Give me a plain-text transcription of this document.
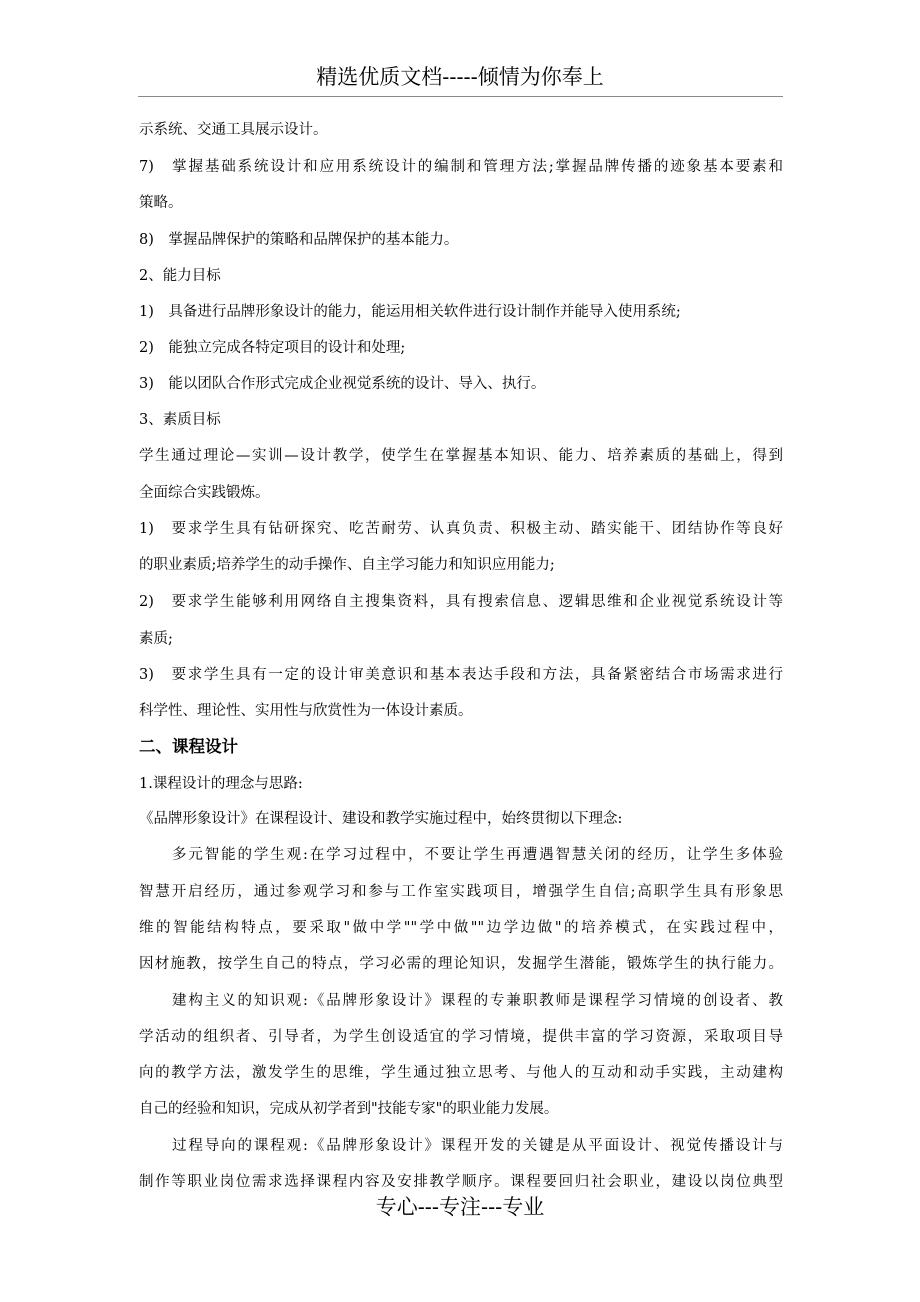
精选优质文档-----倾情为你奉上
示系统、交通工具展示设计。
7)　掌握基础系统设计和应用系统设计的编制和管理方法;掌握品牌传播的迹象基本要素和
策略。
8)　掌握品牌保护的策略和品牌保护的基本能力。
2、能力目标
1)　具备进行品牌形象设计的能力，能运用相关软件进行设计制作并能导入使用系统;
2)　能独立完成各特定项目的设计和处理;
3)　能以团队合作形式完成企业视觉系统的设计、导入、执行。
3、素质目标
学生通过理论—实训—设计教学，使学生在掌握基本知识、能力、培养素质的基础上，得到
全面综合实践锻炼。
1)　要求学生具有钻研探究、吃苦耐劳、认真负责、积极主动、踏实能干、团结协作等良好
的职业素质;培养学生的动手操作、自主学习能力和知识应用能力;
2)　要求学生能够利用网络自主搜集资料，具有搜索信息、逻辑思维和企业视觉系统设计等
素质;
3)　要求学生具有一定的设计审美意识和基本表达手段和方法，具备紧密结合市场需求进行
科学性、理论性、实用性与欣赏性为一体设计素质。
二、课程设计
1.课程设计的理念与思路:
《品牌形象设计》在课程设计、建设和教学实施过程中，始终贯彻以下理念:
多元智能的学生观:在学习过程中，不要让学生再遭遇智慧关闭的经历，让学生多体验
智慧开启经历，通过参观学习和参与工作室实践项目，增强学生自信;高职学生具有形象思
维的智能结构特点，要采取"做中学""学中做""边学边做"的培养模式，在实践过程中，
因材施教，按学生自己的特点，学习必需的理论知识，发掘学生潜能，锻炼学生的执行能力。
建构主义的知识观:《品牌形象设计》课程的专兼职教师是课程学习情境的创设者、教
学活动的组织者、引导者，为学生创设适宜的学习情境，提供丰富的学习资源，采取项目导
向的教学方法，激发学生的思维，学生通过独立思考、与他人的互动和动手实践，主动建构
自己的经验和知识，完成从初学者到"技能专家"的职业能力发展。
过程导向的课程观:《品牌形象设计》课程开发的关键是从平面设计、视觉传播设计与
制作等职业岗位需求选择课程内容及安排教学顺序。课程要回归社会职业，建设以岗位典型
专心---专注---专业
